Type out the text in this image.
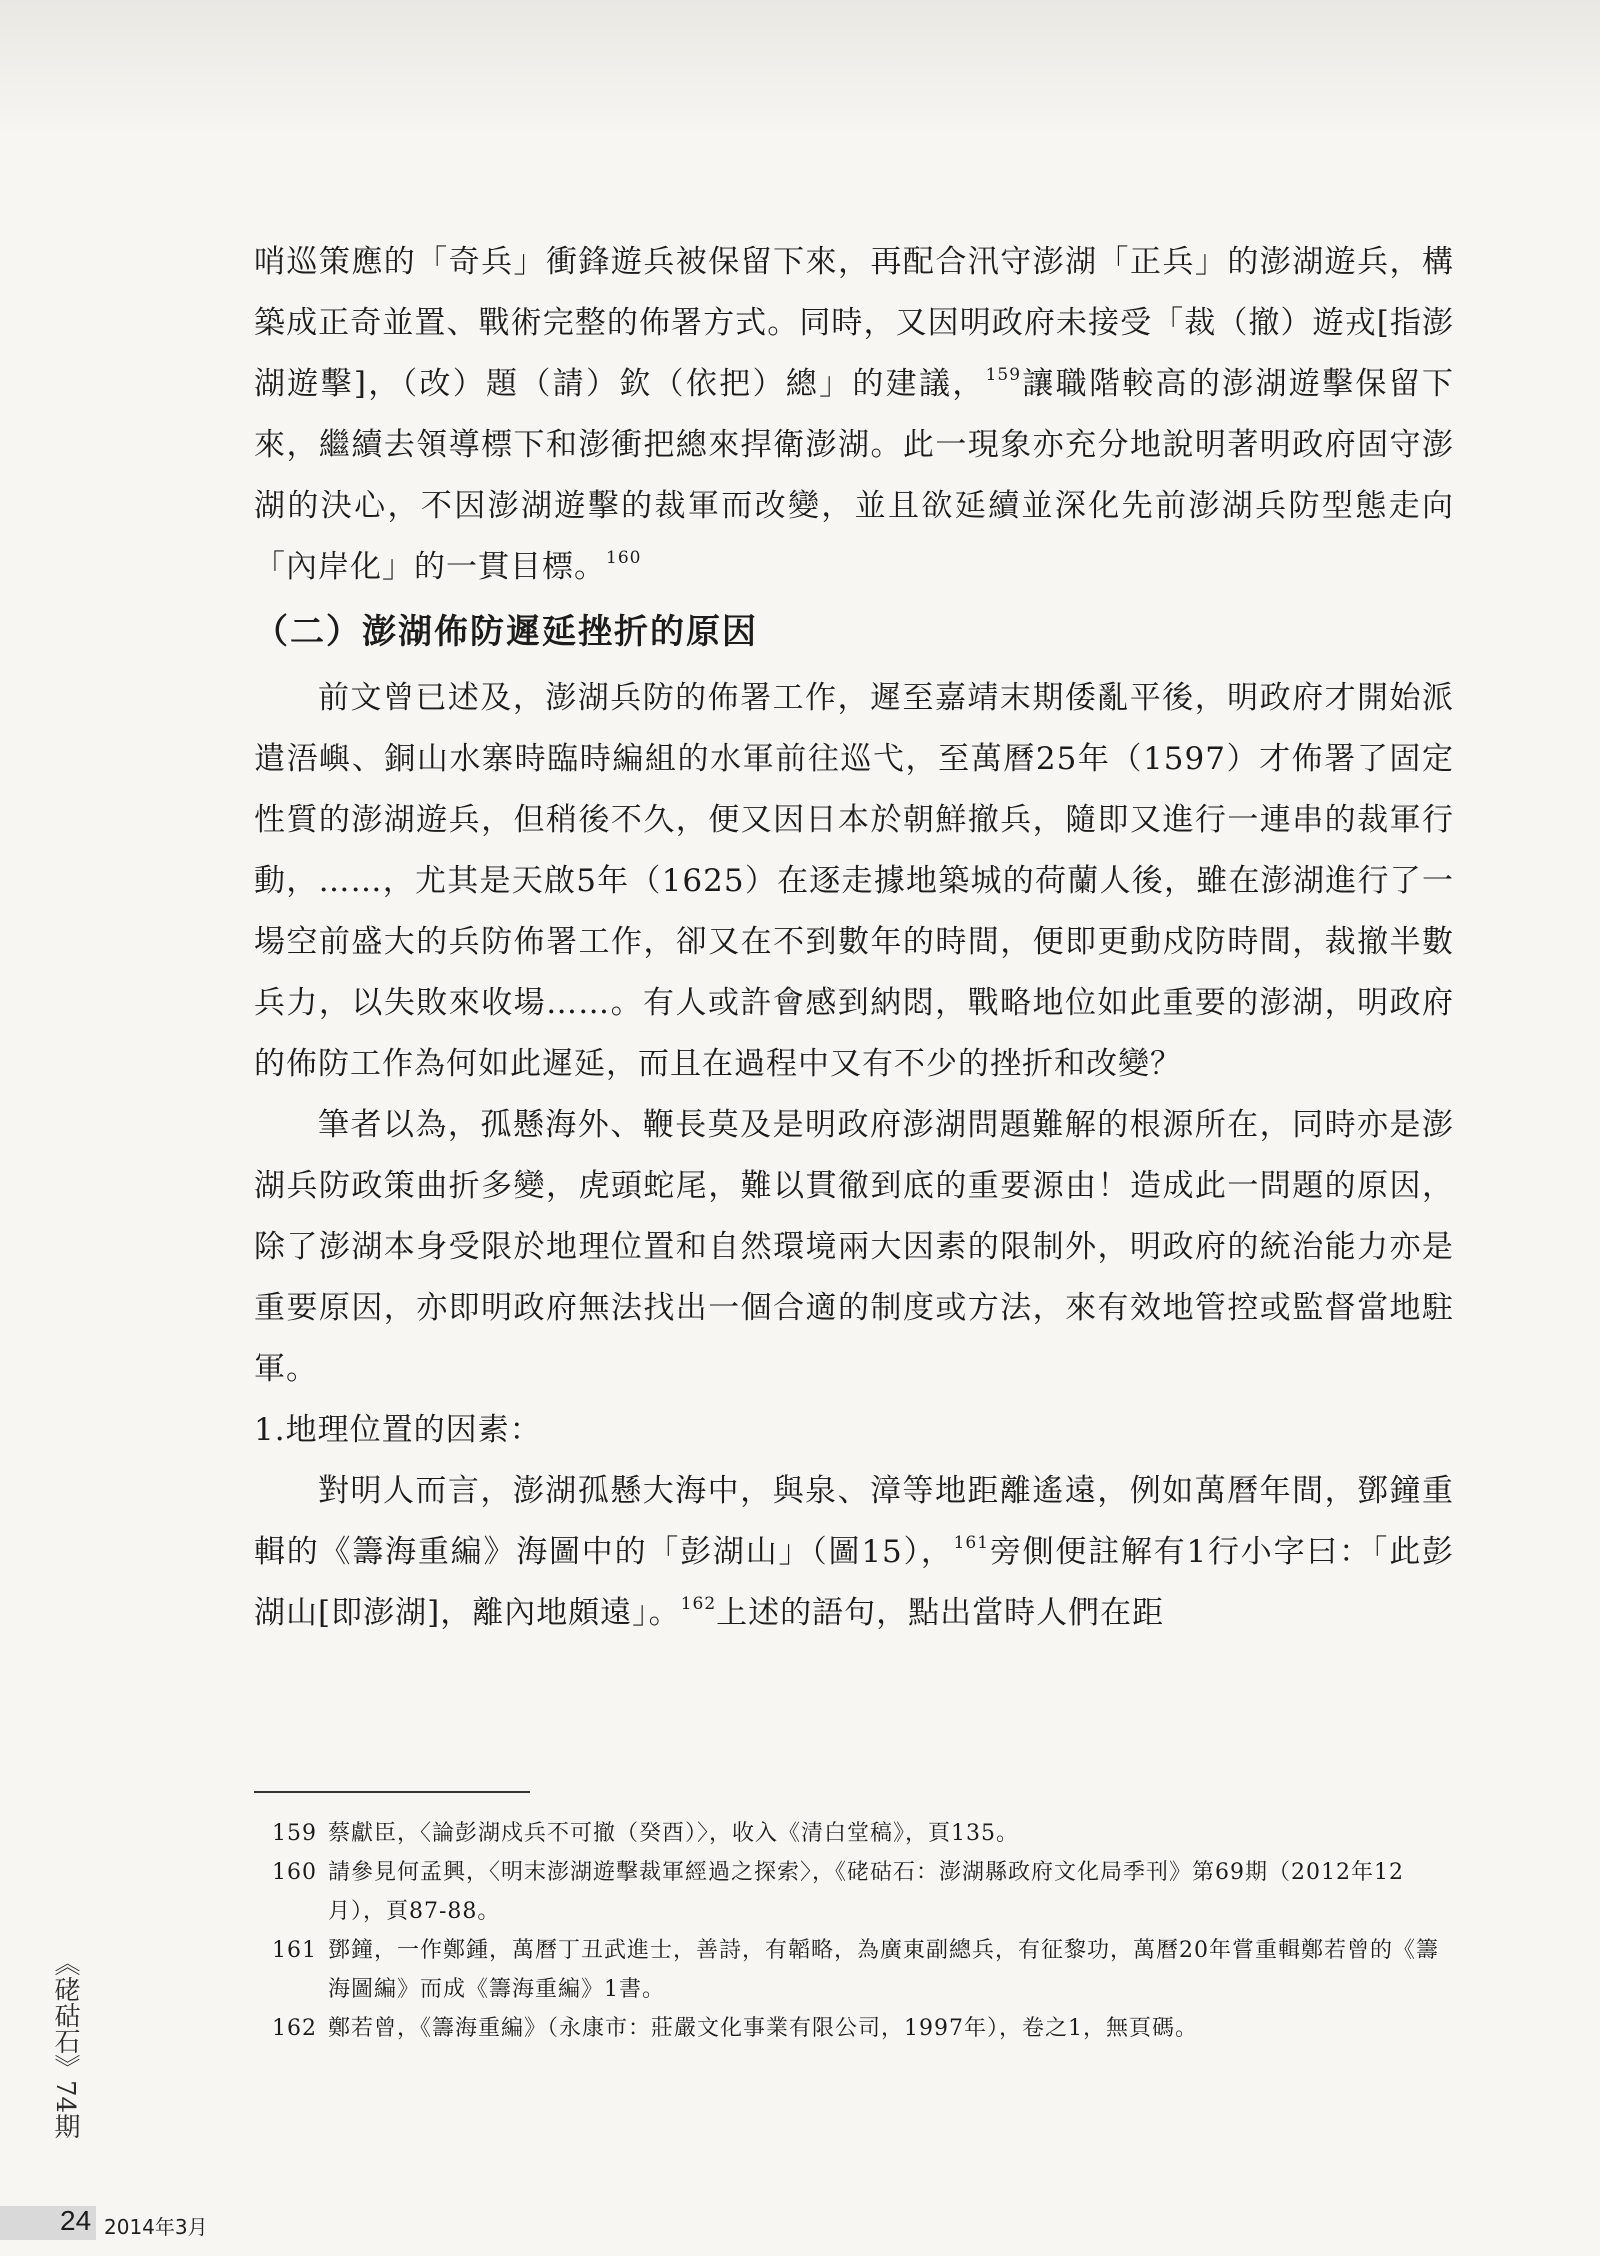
哨巡策應的「奇兵」衝鋒遊兵被保留下來，再配合汛守澎湖「正兵」的澎湖遊兵，構築成正奇並置、戰術完整的佈署方式。同時，又因明政府未接受「裁（撤）遊戎[指澎湖遊擊]，（改）題（請）欽（依把）總」的建議，$^{159}$讓職階較高的澎湖遊擊保留下來，繼續去領導標下和澎衝把總來捍衛澎湖。此一現象亦充分地說明著明政府固守澎湖的決心，不因澎湖遊擊的裁軍而改變，並且欲延續並深化先前澎湖兵防型態走向「內岸化」的一貫目標。$^{160}$

（二）澎湖佈防遲延挫折的原因

前文曾已述及，澎湖兵防的佈署工作，遲至嘉靖末期倭亂平後，明政府才開始派遣浯嶼、銅山水寨時臨時編組的水軍前往巡弋，至萬曆25年（1597）才佈署了固定性質的澎湖遊兵，但稍後不久，便又因日本於朝鮮撤兵，隨即又進行一連串的裁軍行動，……，尤其是天啟5年（1625）在逐走據地築城的荷蘭人後，雖在澎湖進行了一場空前盛大的兵防佈署工作，卻又在不到數年的時間，便即更動戍防時間，裁撤半數兵力，以失敗來收場……。有人或許會感到納悶，戰略地位如此重要的澎湖，明政府的佈防工作為何如此遲延，而且在過程中又有不少的挫折和改變？

筆者以為，孤懸海外、鞭長莫及是明政府澎湖問題難解的根源所在，同時亦是澎湖兵防政策曲折多變，虎頭蛇尾，難以貫徹到底的重要源由！造成此一問題的原因，除了澎湖本身受限於地理位置和自然環境兩大因素的限制外，明政府的統治能力亦是重要原因，亦即明政府無法找出一個合適的制度或方法，來有效地管控或監督當地駐軍。

1.地理位置的因素：

對明人而言，澎湖孤懸大海中，與泉、漳等地距離遙遠，例如萬曆年間，鄧鐘重輯的《籌海重編》海圖中的「彭湖山」（圖15），$^{161}$旁側便註解有1行小字曰：「此彭湖山[即澎湖]，離內地頗遠」。$^{162}$上述的語句，點出當時人們在距

159 蔡獻臣，〈論彭湖戍兵不可撤（癸酉）〉，收入《清白堂稿》，頁135。
160 請參見何孟興，〈明末澎湖遊擊裁軍經過之探索〉，《硓𥑮石：澎湖縣政府文化局季刊》第69期（2012年12月），頁87-88。
161 鄧鐘，一作鄭鍾，萬曆丁丑武進士，善詩，有韜略，為廣東副總兵，有征黎功，萬曆20年嘗重輯鄭若曾的《籌海圖編》而成《籌海重編》1書。
162 鄭若曾，《籌海重編》（永康市：莊嚴文化事業有限公司，1997年），卷之1，無頁碼。
《硓𥑮石》74期
24 2014年3月
